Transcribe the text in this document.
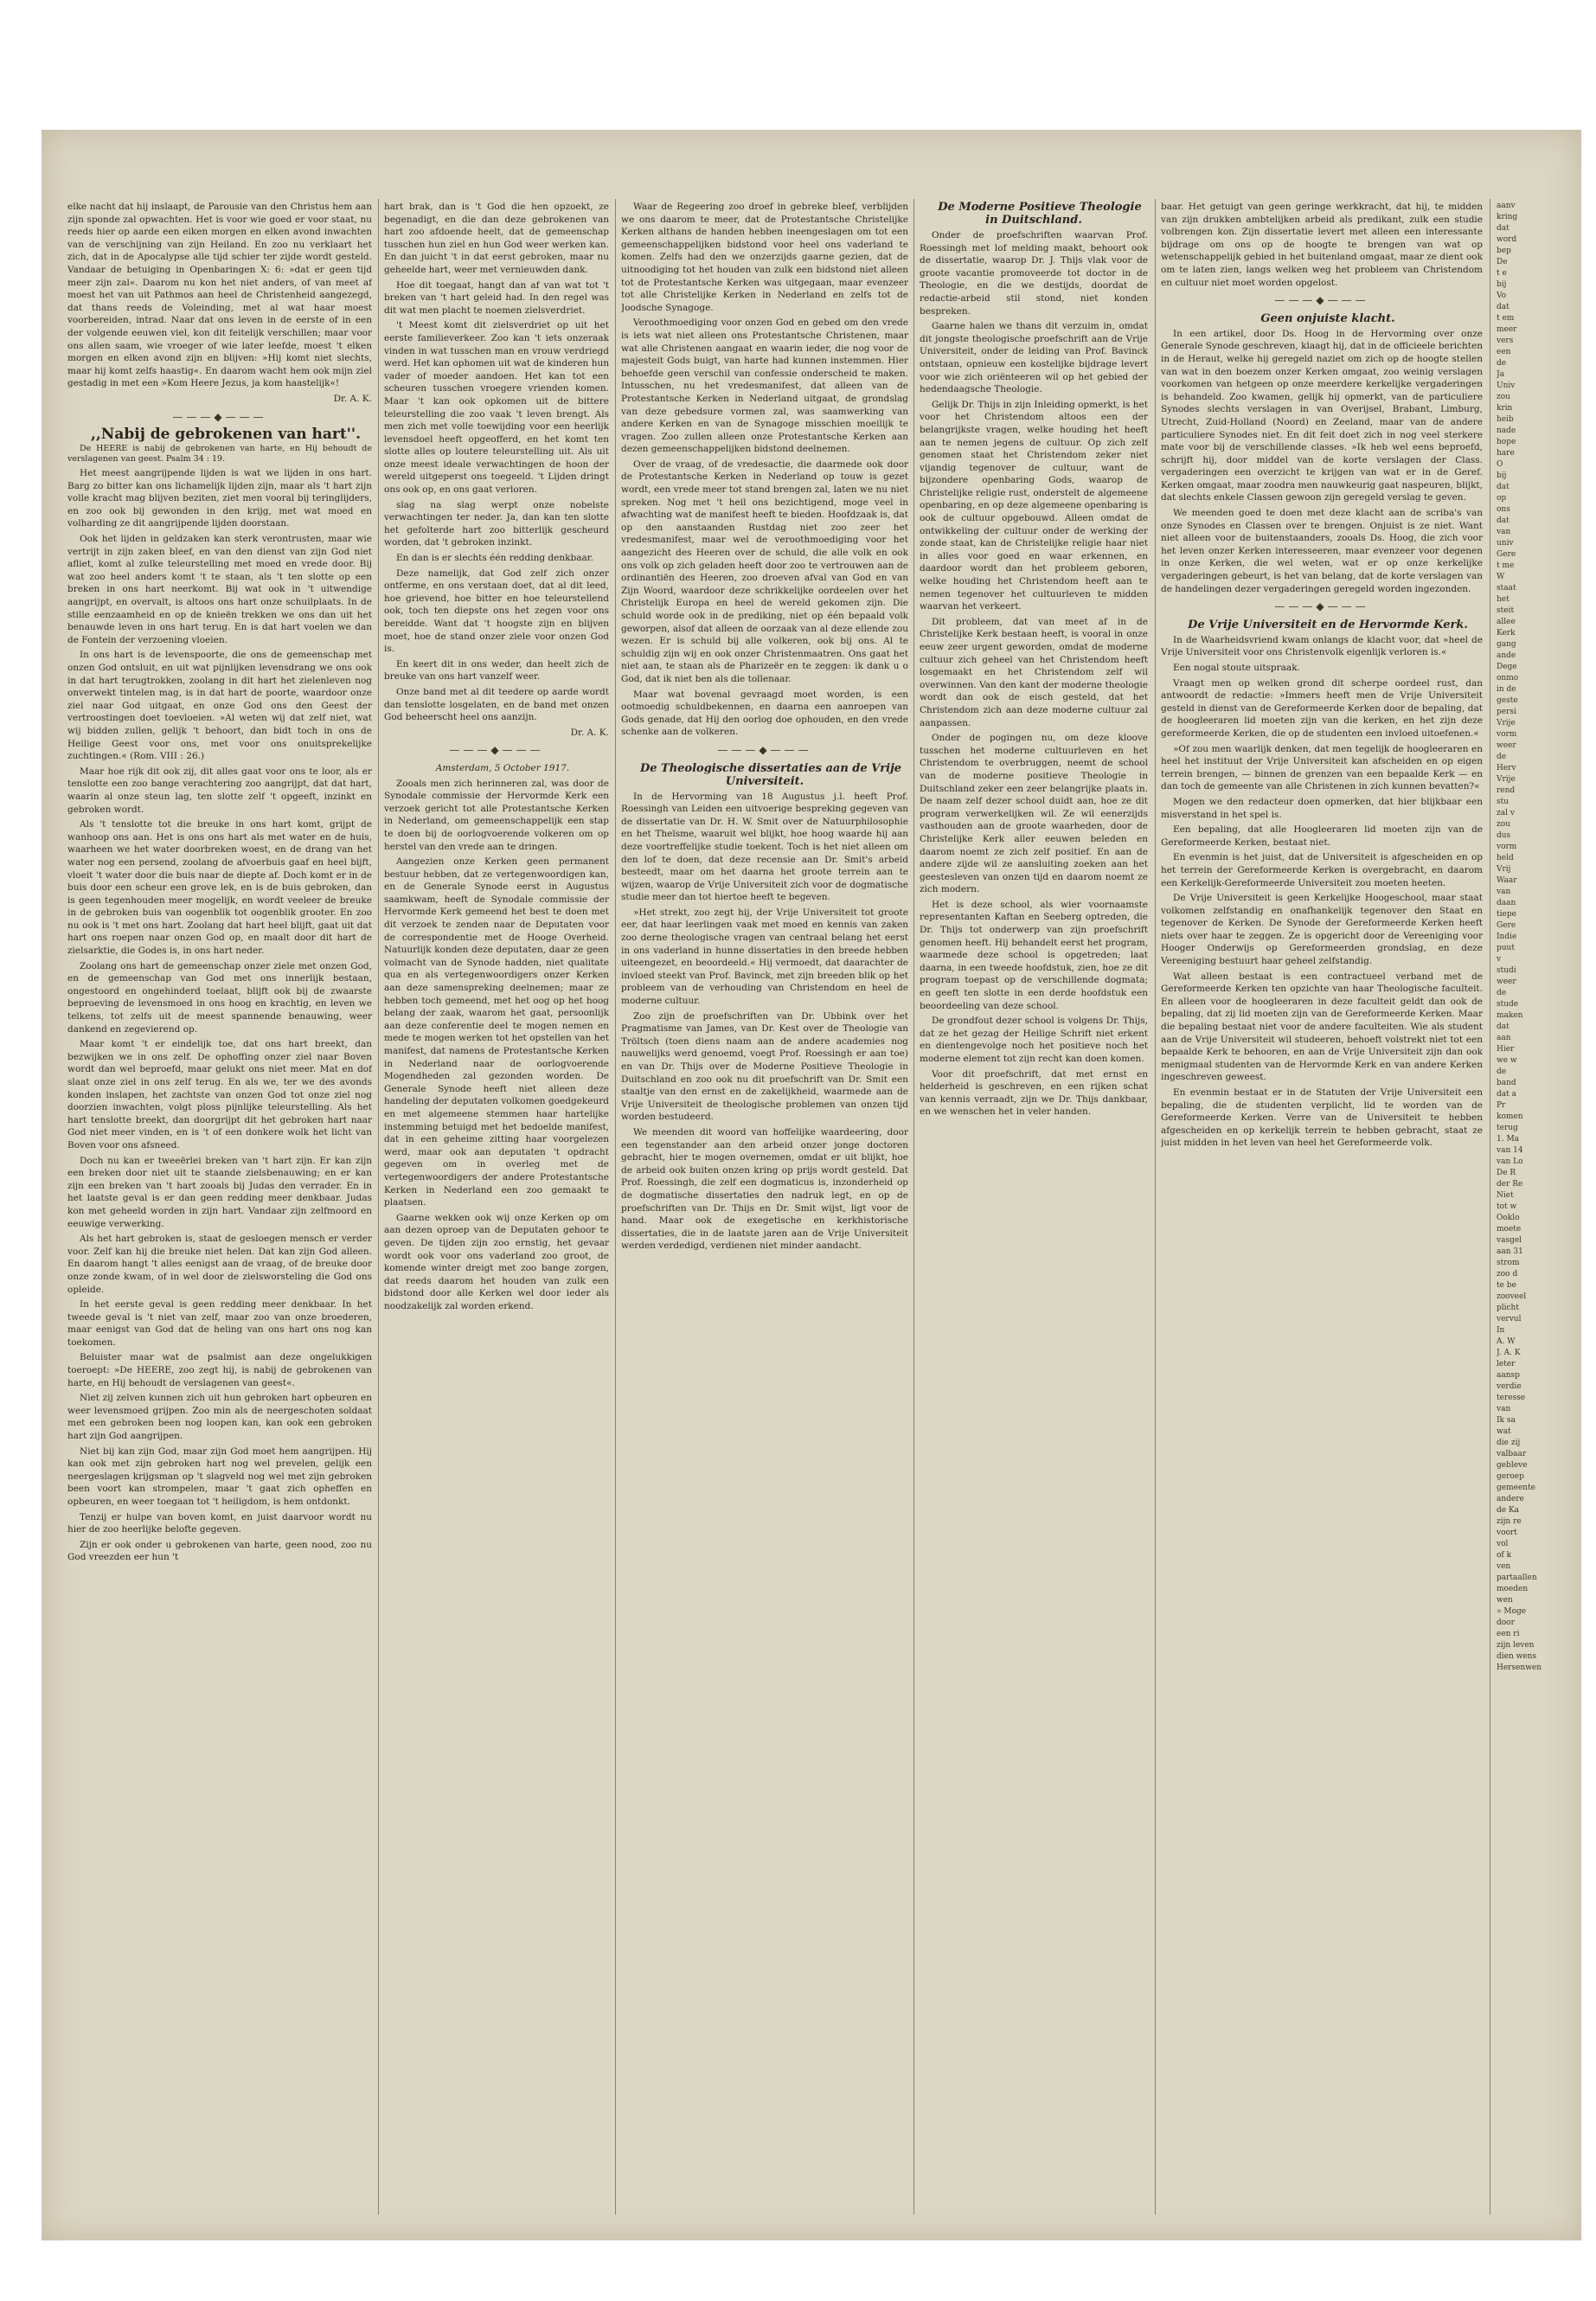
elke nacht dat hij inslaapt, de Parousie van den Christus hem aan zijn sponde zal opwachten. Het is voor wie goed er voor staat, nu reeds hier op aarde een eiken morgen en elken avond inwachten van de verschijning van zijn Heiland. En zoo nu verklaart het zich, dat in de Apocalypse alle tijd schier ter zijde wordt gesteld. Vandaar de betuiging in Openbaringen X: 6: »dat er geen tijd meer zijn zal«. Daarom nu kon het niet anders, of van meet af moest het van uit Pathmos aan heel de Christenheid aangezegd, dat thans reeds de Voleinding, met al wat haar moest voorbereiden, intrad. Naar dat ons leven in de eerste of in een der volgende eeuwen viel, kon dit feitelijk verschillen; maar voor ons allen saam, wie vroeger of wie later leefde, moest 't elken morgen en elken avond zijn en blijven: »Hij komt niet slechts, maar hij komt zelfs haastig«. En daarom wacht hem ook mijn ziel gestadig in met een »Kom Heere Jezus, ja kom haastelijk«!

Dr. A. K.

———◆———

,,Nabij de gebrokenen van hart''.

De HEERE is nabij de gebrokenen van harte, en Hij behoudt de verslagenen van geest. Psalm 34 : 19.

Het meest aangrijpende lijden is wat we lijden in ons hart. Barg zo bitter kan ons lichamelijk lijden zijn, maar als 't hart zijn volle kracht mag blijven beziten, ziet men vooral bij teringlijders, en zoo ook bij gewonden in den krijg, met wat moed en volharding ze dit aangrijpende lijden doorstaan.

Ook het lijden in geldzaken kan sterk verontrusten, maar wie vertrijt in zijn zaken bleef, en van den dienst van zijn God niet afliet, komt al zulke teleurstelling met moed en vrede door. Bij wat zoo heel anders komt 't te staan, als 't ten slotte op een breken in ons hart neerkomt. Bij wat ook in 't uitwendige aangrijpt, en overvalt, is altoos ons hart onze schuilplaats. In de stille eenzaamheid en op de knieën trekken we ons dan uit het benauwde leven in ons hart terug. En is dat hart voelen we dan de Fontein der verzoening vloeien.

In ons hart is de levenspoorte, die ons de gemeenschap met onzen God ontsluit, en uit wat pijnlijken levensdrang we ons ook in dat hart terugtrokken, zoolang in dit hart het zielenleven nog onverwekt tintelen mag, is in dat hart de poorte, waardoor onze ziel naar God uitgaat, en onze God ons den Geest der vertroostingen doet toevloeien. »Al weten wij dat zelf niet, wat wij bidden zullen, gelijk 't behoort, dan bidt toch in ons de Heilige Geest voor ons, met voor ons onuitsprekelijke zuchtingen.« (Rom. VIII : 26.)

Maar hoe rijk dit ook zij, dit alles gaat voor ons te loor, als er tenslotte een zoo bange verachtering zoo aangrijpt, dat dat hart, waarin al onze steun lag, ten slotte zelf 't opgeeft, inzinkt en gebroken wordt.

Als 't tenslotte tot die breuke in ons hart komt, grijpt de wanhoop ons aan. Het is ons ons hart als met water en de huis, waarheen we het water doorbreken woest, en de drang van het water nog een persend, zoolang de afvoerbuis gaaf en heel bijft, vloeit 't water door die buis naar de diepte af. Doch komt er in de buis door een scheur een grove lek, en is de buis gebroken, dan is geen tegenhouden meer mogelijk, en wordt veeleer de breuke in de gebroken buis van oogenblik tot oogenblik grooter. En zoo nu ook is 't met ons hart. Zoolang dat hart heel blijft, gaat uit dat hart ons roepen naar onzen God op, en maalt door dit hart de zielsarktie, die Godes is, in ons hart neder.

Zoolang ons hart de gemeenschap onzer ziele met onzen God, en de gemeenschap van God met ons innerlijk bestaan, ongestoord en ongehinderd toelaat, blijft ook bij de zwaarste beproeving de levensmoed in ons hoog en krachtig, en leven we telkens, tot zelfs uit de meest spannende benauwing, weer dankend en zegevierend op.

Maar komt 't er eindelijk toe, dat ons hart breekt, dan bezwijken we in ons zelf. De ophoffing onzer ziel naar Boven wordt dan wel beproefd, maar gelukt ons niet meer. Mat en dof slaat onze ziel in ons zelf terug. En als we, ter we des avonds konden inslapen, het zachtste van onzen God tot onze ziel nog doorzien inwachten, volgt ploss pijnlijke teleurstelling. Als het hart tenslotte breekt, dan doorgrijpt dit het gebroken hart naar God niet meer vinden, en is 't of een donkere wolk het licht van Boven voor ons afsneed.

Doch nu kan er tweeërlei breken van 't hart zijn. Er kan zijn een breken door niet uit te staande zielsbenauwing; en er kan zijn een breken van 't hart zooals bij Judas den verrader. En in het laatste geval is er dan geen redding meer denkbaar. Judas kon met geheeld worden in zijn hart. Vandaar zijn zelfmoord en eeuwige verwerking.

Als het hart gebroken is, staat de gesloegen mensch er verder voor. Zelf kan hij die breuke niet helen. Dat kan zijn God alleen. En daarom hangt 't alles eenigst aan de vraag, of de breuke door onze zonde kwam, of in wel door de zielsworsteling die God ons opleide.

In het eerste geval is geen redding meer denkbaar. In het tweede geval is 't niet van zelf, maar zoo van onze broederen, maar eenigst van God dat de heling van ons hart ons nog kan toekomen.

Beluister maar wat de psalmist aan deze ongelukkigen toeroept: »De HEERE, zoo zegt hij, is nabij de gebrokenen van harte, en Hij behoudt de verslagenen van geest«.

Niet zij zelven kunnen zich uit hun gebroken hart opbeuren en weer levensmoed grijpen. Zoo min als de neergeschoten soldaat met een gebroken been nog loopen kan, kan ook een gebroken hart zijn God aangrijpen.

Niet bij kan zijn God, maar zijn God moet hem aangrijpen. Hij kan ook met zijn gebroken hart nog wel prevelen, gelijk een neergeslagen krijgsman op 't slagveld nog wel met zijn gebroken been voort kan strompelen, maar 't gaat zich opheffen en opbeuren, en weer toegaan tot 't heiligdom, is hem ontdonkt.

Tenzij er hulpe van boven komt, en juist daarvoor wordt nu hier de zoo heerlijke belofte gegeven.

Zijn er ook onder u gebrokenen van harte, geen nood, zoo nu God vreezden eer hun 't

hart brak, dan is 't God die hen opzoekt, ze begenadigt, en die dan deze gebrokenen van hart zoo afdoende heelt, dat de gemeenschap tusschen hun ziel en hun God weer werken kan. En dan juicht 't in dat eerst gebroken, maar nu geheelde hart, weer met vernieuwden dank.

Hoe dit toegaat, hangt dan af van wat tot 't breken van 't hart geleid had. In den regel was dit wat men placht te noemen zielsverdriet.

't Meest komt dit zielsverdriet op uit het eerste familieverkeer. Zoo kan 't iets onzeraak vinden in wat tusschen man en vrouw verdriegd werd. Het kan ophomen uit wat de kinderen hun vader of moeder aandoen. Het kan tot een scheuren tusschen vroegere vrienden komen. Maar 't kan ook opkomen uit de bittere teleurstelling die zoo vaak 't leven brengt. Als men zich met volle toewijding voor een heerlijk levensdoel heeft opgeofferd, en het komt ten slotte alles op loutere teleurstelling uit. Als uit onze meest ideale verwachtingen de hoon der wereld uitgeperst ons toegeeld. 't Lijden dringt ons ook op, en ons gaat verloren.

slag na slag werpt onze nobelste verwachtingen ter neder. Ja, dan kan ten slotte het gefolterde hart zoo bitterlijk gescheurd worden, dat 't gebroken inzinkt.

En dan is er slechts één redding denkbaar.

Deze namelijk, dat God zelf zich onzer ontferme, en ons verstaan doet, dat al dit leed, hoe grievend, hoe bitter en hoe teleurstellend ook, toch ten diepste ons het zegen voor ons bereidde. Want dat 't hoogste zijn en blijven moet, hoe de stand onzer ziele voor onzen God is.

En keert dit in ons weder, dan heelt zich de breuke van ons hart vanzelf weer.

Onze band met al dit teedere op aarde wordt dan tenslotte losgelaten, en de band met onzen God beheerscht heel ons aanzijn.

Dr. A. K.

———◆———

Amsterdam, 5 October 1917.

Zooals men zich herinneren zal, was door de Synodale commissie der Hervormde Kerk een verzoek gericht tot alle Protestantsche Kerken in Nederland, om gemeenschappelijk een stap te doen bij de oorlogvoerende volkeren om op herstel van den vrede aan te dringen.

Aangezien onze Kerken geen permanent bestuur hebben, dat ze vertegenwoordigen kan, en de Generale Synode eerst in Augustus saamkwam, heeft de Synodale commissie der Hervormde Kerk gemeend het best te doen met dit verzoek te zenden naar de Deputaten voor de correspondentie met de Hooge Overheid. Natuurlijk konden deze deputaten, daar ze geen volmacht van de Synode hadden, niet qualitate qua en als vertegenwoordigers onzer Kerken aan deze samenspreking deelnemen; maar ze hebben toch gemeend, met het oog op het hoog belang der zaak, waarom het gaat, persoonlijk aan deze conferentie deel te mogen nemen en mede te mogen werken tot het opstellen van het manifest, dat namens de Protestantsche Kerken in Nederland naar de oorlogvoerende Mogendheden zal gezonden worden. De Generale Synode heeft niet alleen deze handeling der deputaten volkomen goedgekeurd en met algemeene stemmen haar hartelijke instemming betuigd met het bedoelde manifest, dat in een geheime zitting haar voorgelezen werd, maar ook aan deputaten 't opdracht gegeven om in overleg met de vertegenwoordigers der andere Protestantsche Kerken in Nederland een zoo gemaakt te plaatsen.

Gaarne wekken ook wij onze Kerken op om aan dezen oproep van de Deputaten gehoor te geven. De tijden zijn zoo ernstig, het gevaar wordt ook voor ons vaderland zoo groot, de komende winter dreigt met zoo bange zorgen, dat reeds daarom het houden van zulk een bidstond door alle Kerken wel door ieder als noodzakelijk zal worden erkend.

Waar de Regeering zoo droef in gebreke bleef, verblijden we ons daarom te meer, dat de Protestantsche Christelijke Kerken althans de handen hebben ineengeslagen om tot een gemeenschappelijken bidstond voor heel ons vaderland te komen. Zelfs had den we onzerzijds gaarne gezien, dat de uitnoodiging tot het houden van zulk een bidstond niet alleen tot de Protestantsche Kerken was uitgegaan, maar evenzeer tot alle Christelijke Kerken in Nederland en zelfs tot de Joodsche Synagoge.

Veroothmoediging voor onzen God en gebed om den vrede is iets wat niet alleen ons Protestantsche Christenen, maar wat alle Christenen aangaat en waarin ieder, die nog voor de majesteit Gods buigt, van harte had kunnen instemmen. Hier behoefde geen verschil van confessie onderscheid te maken. Intusschen, nu het vredesmanifest, dat alleen van de Protestantsche Kerken in Nederland uitgaat, de grondslag van deze gebedsure vormen zal, was saamwerking van andere Kerken en van de Synagoge misschien moeilijk te vragen. Zoo zullen alleen onze Protestantsche Kerken aan dezen gemeenschappelijken bidstond deelnemen.

Over de vraag, of de vredesactie, die daarmede ook door de Protestantsche Kerken in Nederland op touw is gezet wordt, een vrede meer tot stand brengen zal, laten we nu niet spreken. Nog met 't heil ons bezichtigend, moge veel in afwachting wat de manifest heeft te bieden. Hoofdzaak is, dat op den aanstaanden Rustdag niet zoo zeer het vredesmanifest, maar wel de veroothmoediging voor het aangezicht des Heeren over de schuld, die alle volk en ook ons volk op zich geladen heeft door zoo te vertrouwen aan de ordinantiën des Heeren, zoo droeven afval van God en van Zijn Woord, waardoor deze schrikkelijke oordeelen over het Christelijk Europa en heel de wereld gekomen zijn. Die schuld worde ook in de prediking, niet op één bepaald volk geworpen, alsof dat alleen de oorzaak van al deze ellende zou wezen. Er is schuld bij alle volkeren, ook bij ons. Al te schuldig zijn wij en ook onzer Christenmaatren. Ons gaat het niet aan, te staan als de Pharizeër en te zeggen: ik dank u o God, dat ik niet ben als die tollenaar.

Maar wat bovenal gevraagd moet worden, is een ootmoedig schuldbekennen, en daarna een aanroepen van Gods genade, dat Hij den oorlog doe ophouden, en den vrede schenke aan de volkeren.

———◆———

De Theologische dissertaties aan de Vrije Universiteit.

In de Hervorming van 18 Augustus j.l. heeft Prof. Roessingh van Leiden een uitvoerige bespreking gegeven van de dissertatie van Dr. H. W. Smit over de Natuurphilosophie en het Theïsme, waaruit wel blijkt, hoe hoog waarde hij aan deze voortreffelijke studie toekent. Toch is het niet alleen om den lof te doen, dat deze recensie aan Dr. Smit's arbeid besteedt, maar om het daarna het groote terrein aan te wijzen, waarop de Vrije Universiteit zich voor de dogmatische studie meer dan tot hiertoe heeft te begeven.

»Het strekt, zoo zegt hij, der Vrije Universiteit tot groote eer, dat haar leerlingen vaak met moed en kennis van zaken zoo derne theologische vragen van centraal belang het eerst in ons vaderland in hunne dissertaties in den breede hebben uiteengezet, en beoordeeld.« Hij vermoedt, dat daarachter de invloed steekt van Prof. Bavinck, met zijn breeden blik op het probleem van de verhouding van Christendom en heel de moderne cultuur.

Zoo zijn de proefschriften van Dr. Ubbink over het Pragmatisme van James, van Dr. Kest over de Theologie van Tröltsch (toen diens naam aan de andere academies nog nauwelijks werd genoemd, voegt Prof. Roessingh er aan toe) en van Dr. Thijs over de Moderne Positieve Theologie in Duitschland en zoo ook nu dit proefschrift van Dr. Smit een staaltje van den ernst en de zakelijkheid, waarmede aan de Vrije Universiteit de theologische problemen van onzen tijd worden bestudeerd.

We meenden dit woord van hoffelijke waardeering, door een tegenstander aan den arbeid onzer jonge doctoren gebracht, hier te mogen overnemen, omdat er uit blijkt, hoe de arbeid ook buiten onzen kring op prijs wordt gesteld. Dat Prof. Roessingh, die zelf een dogmaticus is, inzonderheid op de dogmatische dissertaties den nadruk legt, en op de proefschriften van Dr. Thijs en Dr. Smit wijst, ligt voor de hand. Maar ook de exegetische en kerkhistorische dissertaties, die in de laatste jaren aan de Vrije Universiteit werden verdedigd, verdienen niet minder aandacht.

De Moderne Positieve Theologie in Duitschland.

Onder de proefschriften waarvan Prof. Roessingh met lof melding maakt, behoort ook de dissertatie, waarop Dr. J. Thijs vlak voor de groote vacantie promoveerde tot doctor in de Theologie, en die we destijds, doordat de redactie-arbeid stil stond, niet konden bespreken.

Gaarne halen we thans dit verzuim in, omdat dit jongste theologische proefschrift aan de Vrije Universiteit, onder de leiding van Prof. Bavinck ontstaan, opnieuw een kostelijke bijdrage levert voor wie zich oriënteeren wil op het gebied der hedendaagsche Theologie.

Gelijk Dr. Thijs in zijn Inleiding opmerkt, is het voor het Christendom altoos een der belangrijkste vragen, welke houding het heeft aan te nemen jegens de cultuur. Op zich zelf genomen staat het Christendom zeker niet vijandig tegenover de cultuur, want de bijzondere openbaring Gods, waarop de Christelijke religie rust, onderstelt de algemeene openbaring, en op deze algemeene openbaring is ook de cultuur opgebouwd. Alleen omdat de ontwikkeling der cultuur onder de werking der zonde staat, kan de Christelijke religie haar niet in alles voor goed en waar erkennen, en daardoor wordt dan het probleem geboren, welke houding het Christendom heeft aan te nemen tegenover het cultuurleven te midden waarvan het verkeert.

Dit probleem, dat van meet af in de Christelijke Kerk bestaan heeft, is vooral in onze eeuw zeer urgent geworden, omdat de moderne cultuur zich geheel van het Christendom heeft losgemaakt en het Christendom zelf wil overwinnen. Van den kant der moderne theologie wordt dan ook de eisch gesteld, dat het Christendom zich aan deze moderne cultuur zal aanpassen.

Onder de pogingen nu, om deze kloove tusschen het moderne cultuurleven en het Christendom te overbruggen, neemt de school van de moderne positieve Theologie in Duitschland zeker een zeer belangrijke plaats in. De naam zelf dezer school duidt aan, hoe ze dit program verwerkelijken wil. Ze wil eenerzijds vasthouden aan de groote waarheden, door de Christelijke Kerk aller eeuwen beleden en daarom noemt ze zich zelf positief. En aan de andere zijde wil ze aansluiting zoeken aan het geestesleven van onzen tijd en daarom noemt ze zich modern.

Het is deze school, als wier voornaamste representanten Kaftan en Seeberg optreden, die Dr. Thijs tot onderwerp van zijn proefschrift genomen heeft. Hij behandelt eerst het program, waarmede deze school is opgetreden; laat daarna, in een tweede hoofdstuk, zien, hoe ze dit program toepast op de verschillende dogmata; en geeft ten slotte in een derde hoofdstuk een beoordeeling van deze school.

De grondfout dezer school is volgens Dr. Thijs, dat ze het gezag der Heilige Schrift niet erkent en dientengevolge noch het positieve noch het moderne element tot zijn recht kan doen komen.

Voor dit proefschrift, dat met ernst en helderheid is geschreven, en een rijken schat van kennis verraadt, zijn we Dr. Thijs dankbaar, en we wenschen het in veler handen.

baar. Het getuigt van geen geringe werkkracht, dat hij, te midden van zijn drukken ambtelijken arbeid als predikant, zulk een studie volbrengen kon. Zijn dissertatie levert met alleen een interessante bijdrage om ons op de hoogte te brengen van wat op wetenschappelijk gebied in het buitenland omgaat, maar ze dient ook om te laten zien, langs welken weg het probleem van Christendom en cultuur niet moet worden opgelost.

———◆———

Geen onjuiste klacht.

In een artikel, door Ds. Hoog in de Hervorming over onze Generale Synode geschreven, klaagt hij, dat in de officieele berichten in de Heraut, welke hij geregeld naziet om zich op de hoogte stellen van wat in den boezem onzer Kerken omgaat, zoo weinig verslagen voorkomen van hetgeen op onze meerdere kerkelijke vergaderingen is behandeld. Zoo kwamen, gelijk hij opmerkt, van de particuliere Synodes slechts verslagen in van Overijsel, Brabant, Limburg, Utrecht, Zuid-Holland (Noord) en Zeeland, maar van de andere particuliere Synodes niet. En dit feit doet zich in nog veel sterkere mate voor bij de verschillende classes. »Ik heb wel eens beproefd, schrijft hij, door middel van de korte verslagen der Class. vergaderingen een overzicht te krijgen van wat er in de Geref. Kerken omgaat, maar zoodra men nauwkeurig gaat naspeuren, blijkt, dat slechts enkele Classen gewoon zijn geregeld verslag te geven.

We meenden goed te doen met deze klacht aan de scriba's van onze Synodes en Classen over te brengen. Onjuist is ze niet. Want niet alleen voor de buitenstaanders, zooals Ds. Hoog, die zich voor het leven onzer Kerken interesseeren, maar evenzeer voor degenen in onze Kerken, die wel weten, wat er op onze kerkelijke vergaderingen gebeurt, is het van belang, dat de korte verslagen van de handelingen dezer vergaderingen geregeld worden ingezonden.

———◆———

De Vrije Universiteit en de Hervormde Kerk.

In de Waarheidsvriend kwam onlangs de klacht voor, dat »heel de Vrije Universiteit voor ons Christenvolk eigenlijk verloren is.«

Een nogal stoute uitspraak.

Vraagt men op welken grond dit scherpe oordeel rust, dan antwoordt de redactie: »Immers heeft men de Vrije Universiteit gesteld in dienst van de Gereformeerde Kerken door de bepaling, dat de hoogleeraren lid moeten zijn van die kerken, en het zijn deze gereformeerde Kerken, die op de studenten een invloed uitoefenen.«

»Of zou men waarlijk denken, dat men tegelijk de hoogleeraren en heel het instituut der Vrije Universiteit kan afscheiden en op eigen terrein brengen, — binnen de grenzen van een bepaalde Kerk — en dan toch de gemeente van alle Christenen in zich kunnen bevatten?«

Mogen we den redacteur doen opmerken, dat hier blijkbaar een misverstand in het spel is.

Een bepaling, dat alle Hoogleeraren lid moeten zijn van de Gereformeerde Kerken, bestaat niet.

En evenmin is het juist, dat de Universiteit is afgescheiden en op het terrein der Gereformeerde Kerken is overgebracht, en daarom een Kerkelijk-Gereformeerde Universiteit zou moeten heeten.

De Vrije Universiteit is geen Kerkelijke Hoogeschool, maar staat volkomen zelfstandig en onafhankelijk tegenover den Staat en tegenover de Kerken. De Synode der Gereformeerde Kerken heeft niets over haar te zeggen. Ze is opgericht door de Vereeniging voor Hooger Onderwijs op Gereformeerden grondslag, en deze Vereeniging bestuurt haar geheel zelfstandig.

Wat alleen bestaat is een contractueel verband met de Gereformeerde Kerken ten opzichte van haar Theologische faculteit. En alleen voor de hoogleeraren in deze faculteit geldt dan ook de bepaling, dat zij lid moeten zijn van de Gereformeerde Kerken. Maar die bepaling bestaat niet voor de andere faculteiten. Wie als student aan de Vrije Universiteit wil studeeren, behoeft volstrekt niet tot een bepaalde Kerk te behooren, en aan de Vrije Universiteit zijn dan ook menigmaal studenten van de Hervormde Kerk en van andere Kerken ingeschreven geweest.

En evenmin bestaat er in de Statuten der Vrije Universiteit een bepaling, die de studenten verplicht, lid te worden van de Gereformeerde Kerken. Verre van de Universiteit te hebben afgescheiden en op kerkelijk terrein te hebben gebracht, staat ze juist midden in het leven van heel het Gereformeerde volk.

aanv
kring
dat
word
bep
De
t e
bij
Vo
dat
t em
meer
vers
een
de
Ja
Univ
zou
krin
heib
nade
hope
hare
O
bij
dat
op
ons
dat
van
univ
Gere
t me
W
staat
het
steit
allee
Kerk
gang
ande
Dege
onmo
in de
geste
persi
Vrije
vorm
weer
de
Herv
Vrije
rend
stu
zal v
zou
dus
vorm
held
Vrij
Waar
van
daan
tiepe
Gere
Indie
puut
v
studi
weer
de
stude
maken
dat
aan
Hier
we w
de
band
dat a
Pr
komen
terug
1. Ma
van 14
van Lo
De R
der Re
Niet
tot w
Ooklo
moete
vasgel
aan 31
strom
zoo d
te be
zooveel
plicht
vervul
In
A. W
J. A. K
leter
aansp
verdie
teresse
van
Ik sa
wat
die zij
valbaar
gebleve
geroep
gemeente
andere
de Ka
zijn re
voort
vol
of k
ven
partaallen
moeden
wen
» Moge
door
een ri
zijn leven
dien wens
Hersenwen
